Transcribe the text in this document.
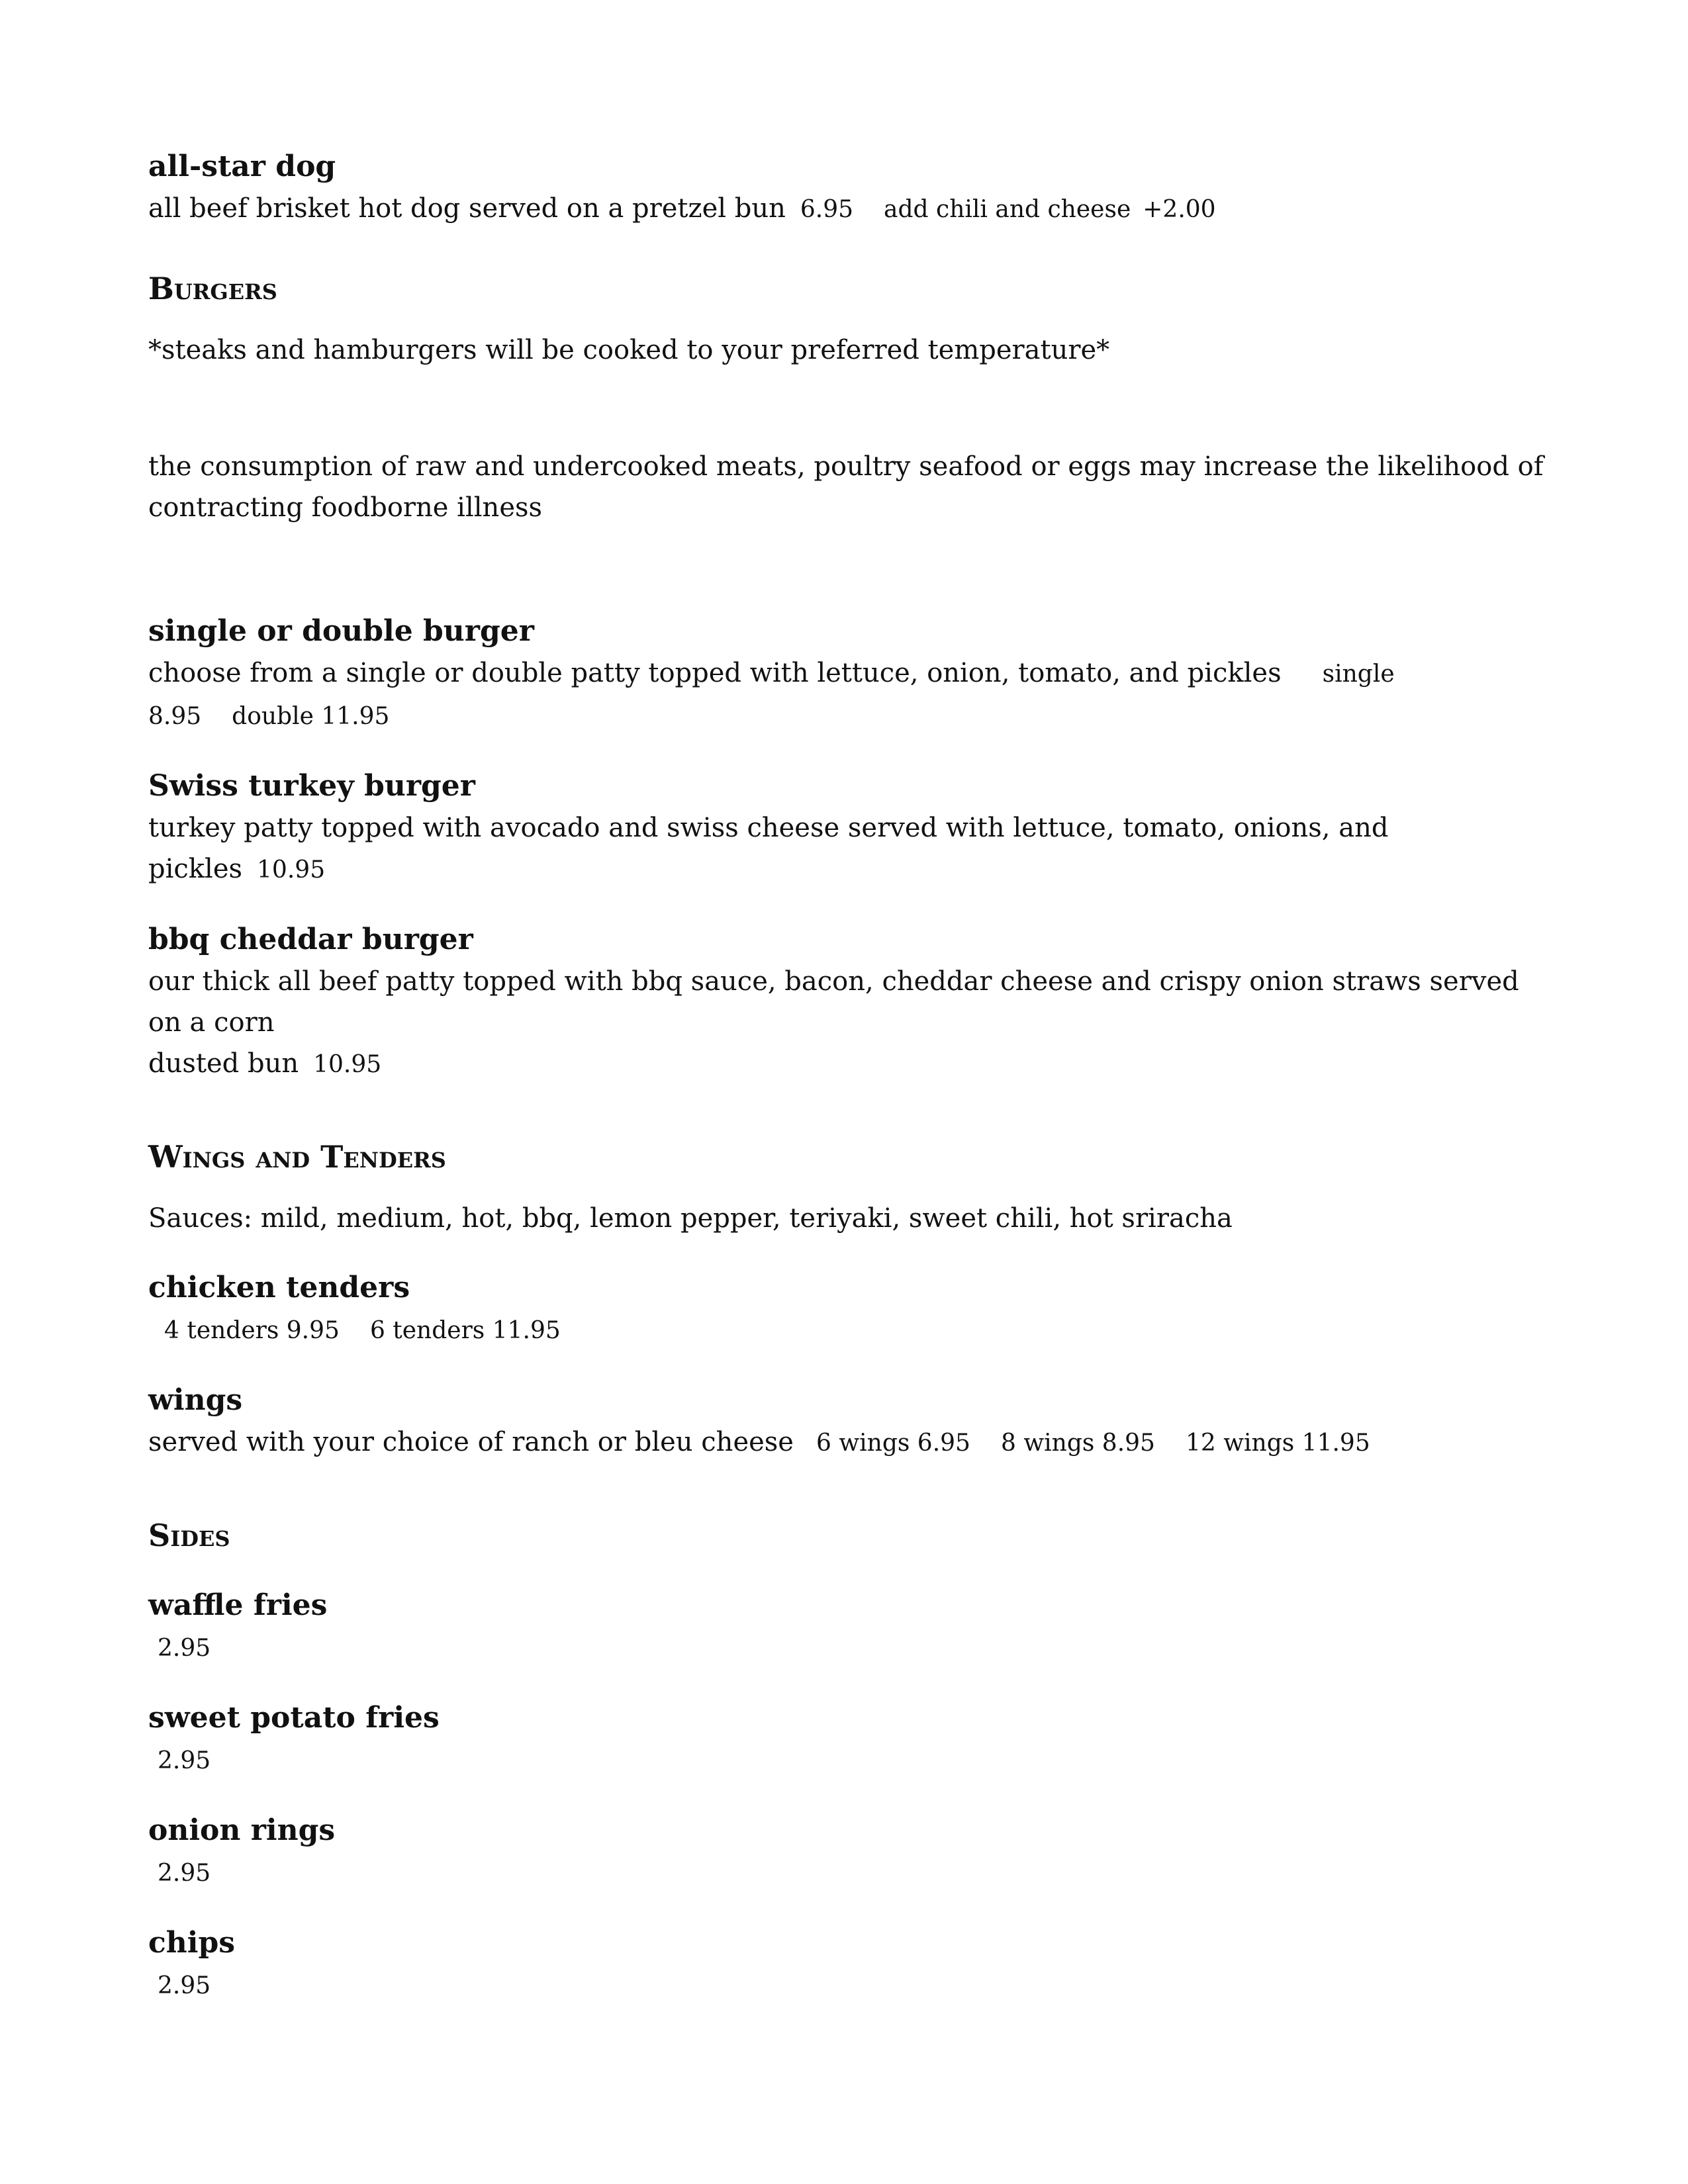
all-star dog

all beef brisket hot dog served on a pretzel bun 6.95 add chili and cheese +2.00

Burgers

*steaks and hamburgers will be cooked to your preferred temperature*

the consumption of raw and undercooked meats, poultry seafood or eggs may increase the likelihood of

contracting foodborne illness

single or double burger

choose from a single or double patty topped with lettuce, onion, tomato, and pickles single 8.95 double 11.95

Swiss turkey burger

turkey patty topped with avocado and swiss cheese served with lettuce, tomato, onions, and pickles 10.95

bbq cheddar burger

our thick all beef patty topped with bbq sauce, bacon, cheddar cheese and crispy onion straws served on a corn

dusted bun 10.95

Wings and Tenders

Sauces: mild, medium, hot, bbq, lemon pepper, teriyaki, sweet chili, hot sriracha

chicken tenders

4 tenders 9.95 6 tenders 11.95

wings

served with your choice of ranch or bleu cheese 6 wings 6.95 8 wings 8.95 12 wings 11.95

Sides

waffle fries

2.95

sweet potato fries

2.95

onion rings

2.95

chips

2.95
